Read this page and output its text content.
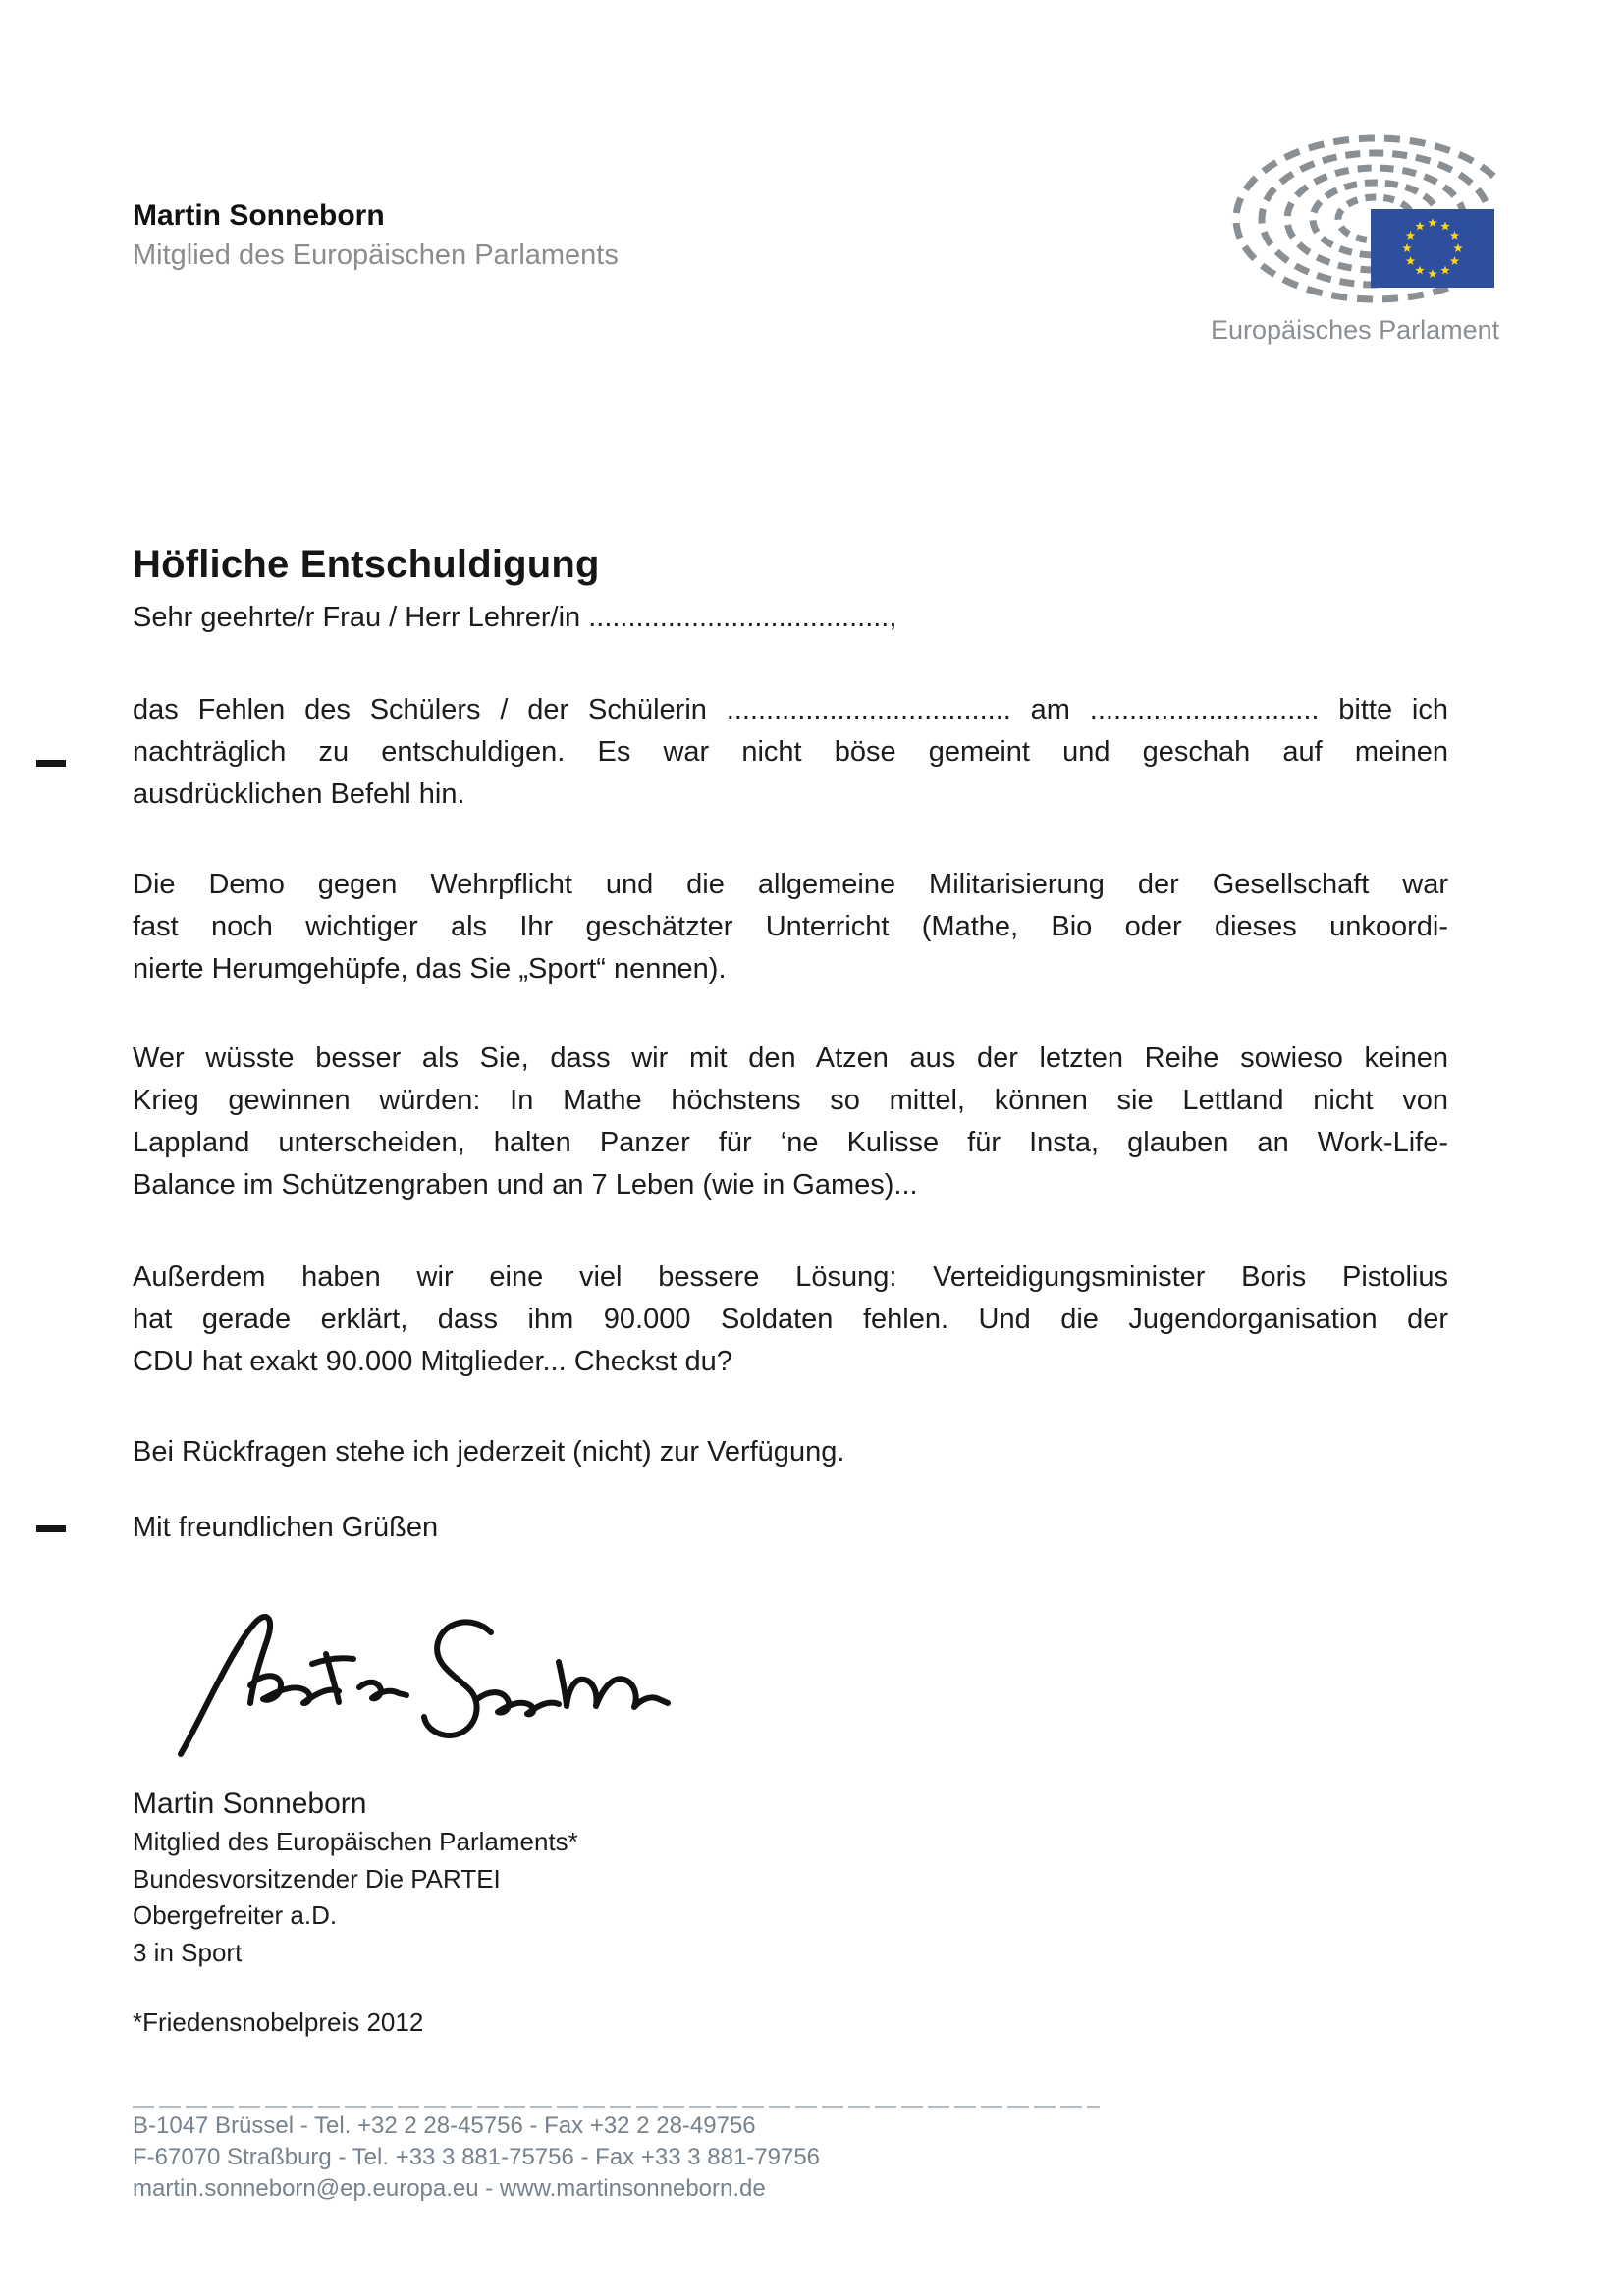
Martin Sonneborn
Mitglied des Europäischen Parlaments
Europäisches Parlament
Höfliche Entschuldigung
Sehr geehrte/r Frau / Herr Lehrer/in ......................................,
das Fehlen des Schülers / der Schülerin .................................... am ............................. bitte ich
nachträglich zu entschuldigen. Es war nicht böse gemeint und geschah auf meinen
ausdrücklichen Befehl hin.
Die Demo gegen Wehrpflicht und die allgemeine Militarisierung der Gesellschaft war
fast noch wichtiger als Ihr geschätzter Unterricht (Mathe, Bio oder dieses unkoordi-
nierte Herumgehüpfe, das Sie „Sport“ nennen).
Wer wüsste besser als Sie, dass wir mit den Atzen aus der letzten Reihe sowieso keinen
Krieg gewinnen würden: In Mathe höchstens so mittel, können sie Lettland nicht von
Lappland unterscheiden, halten Panzer für ‘ne Kulisse für Insta, glauben an Work-Life-
Balance im Schützengraben und an 7 Leben (wie in Games)...
Außerdem haben wir eine viel bessere Lösung: Verteidigungsminister Boris Pistolius
hat gerade erklärt, dass ihm 90.000 Soldaten fehlen. Und die Jugendorganisation der
CDU hat exakt 90.000 Mitglieder... Checkst du?
Bei Rückfragen stehe ich jederzeit (nicht) zur Verfügung.
Mit freundlichen Grüßen
Martin Sonneborn
Mitglied des Europäischen Parlaments*
Bundesvorsitzender Die PARTEI
Obergefreiter a.D.
3 in Sport
*Friedensnobelpreis 2012
B-1047 Brüssel - Tel. +32 2 28-45756 - Fax +32 2 28-49756
F-67070 Straßburg - Tel. +33 3 881-75756 - Fax +33 3 881-79756
martin.sonneborn@ep.europa.eu - www.martinsonneborn.de
